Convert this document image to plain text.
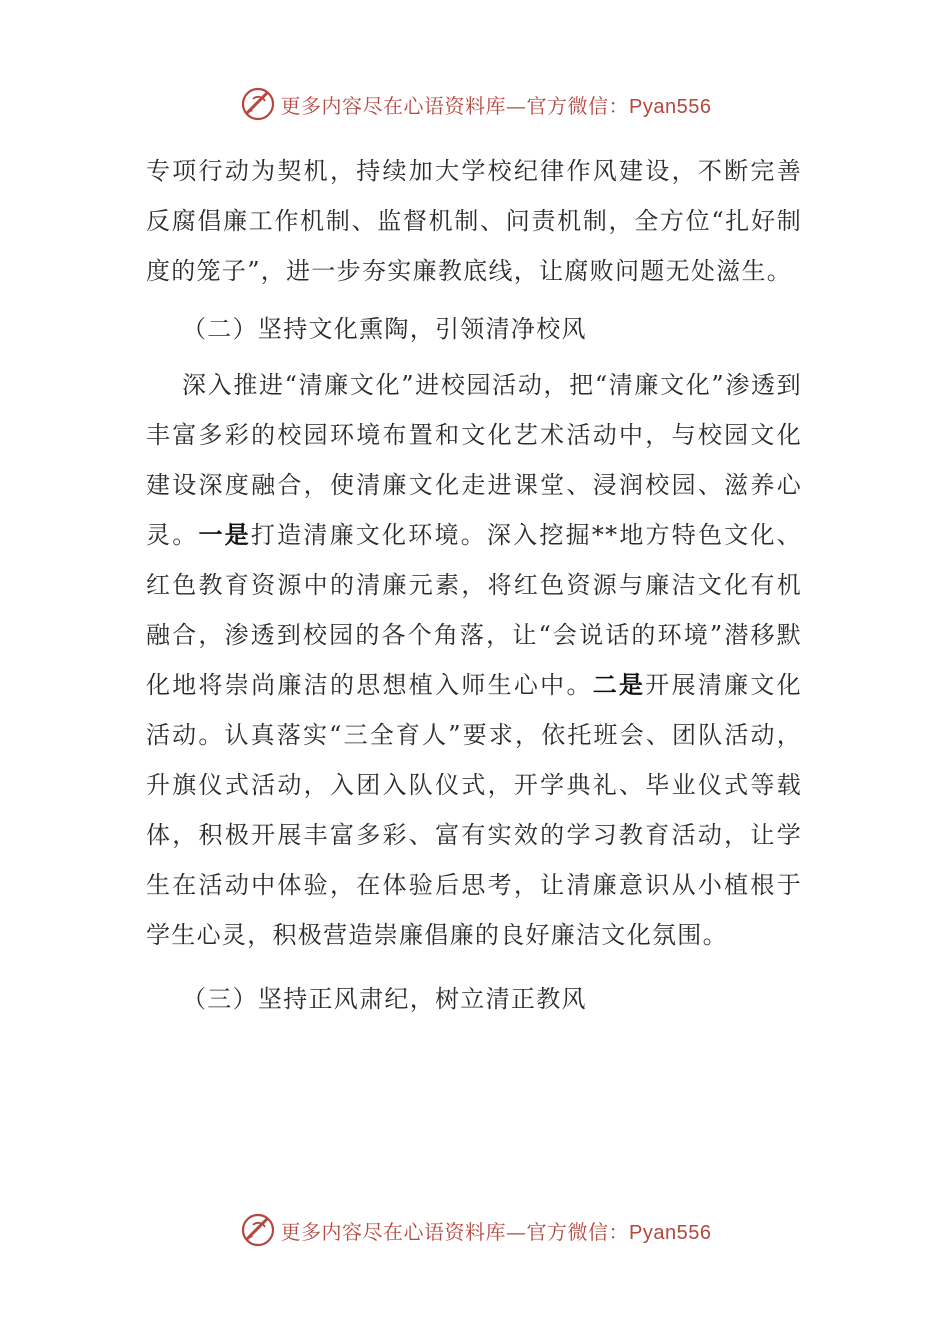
更多内容尽在心语资料库—官方微信：Pyan556

专项行动为契机，持续加大学校纪律作风建设，不断完善反腐倡廉工作机制、监督机制、问责机制，全方位“扎好制度的笼子”，进一步夯实廉教底线，让腐败问题无处滋生。

（二）坚持文化熏陶，引领清净校风

深入推进“清廉文化”进校园活动，把“清廉文化”渗透到丰富多彩的校园环境布置和文化艺术活动中，与校园文化建设深度融合，使清廉文化走进课堂、浸润校园、滋养心灵。一是打造清廉文化环境。深入挖掘**地方特色文化、红色教育资源中的清廉元素，将红色资源与廉洁文化有机融合，渗透到校园的各个角落，让“会说话的环境”潜移默化地将崇尚廉洁的思想植入师生心中。二是开展清廉文化活动。认真落实“三全育人”要求，依托班会、团队活动，升旗仪式活动，入团入队仪式，开学典礼、毕业仪式等载体，积极开展丰富多彩、富有实效的学习教育活动，让学生在活动中体验，在体验后思考，让清廉意识从小植根于学生心灵，积极营造崇廉倡廉的良好廉洁文化氛围。

（三）坚持正风肃纪，树立清正教风

更多内容尽在心语资料库—官方微信：Pyan556
